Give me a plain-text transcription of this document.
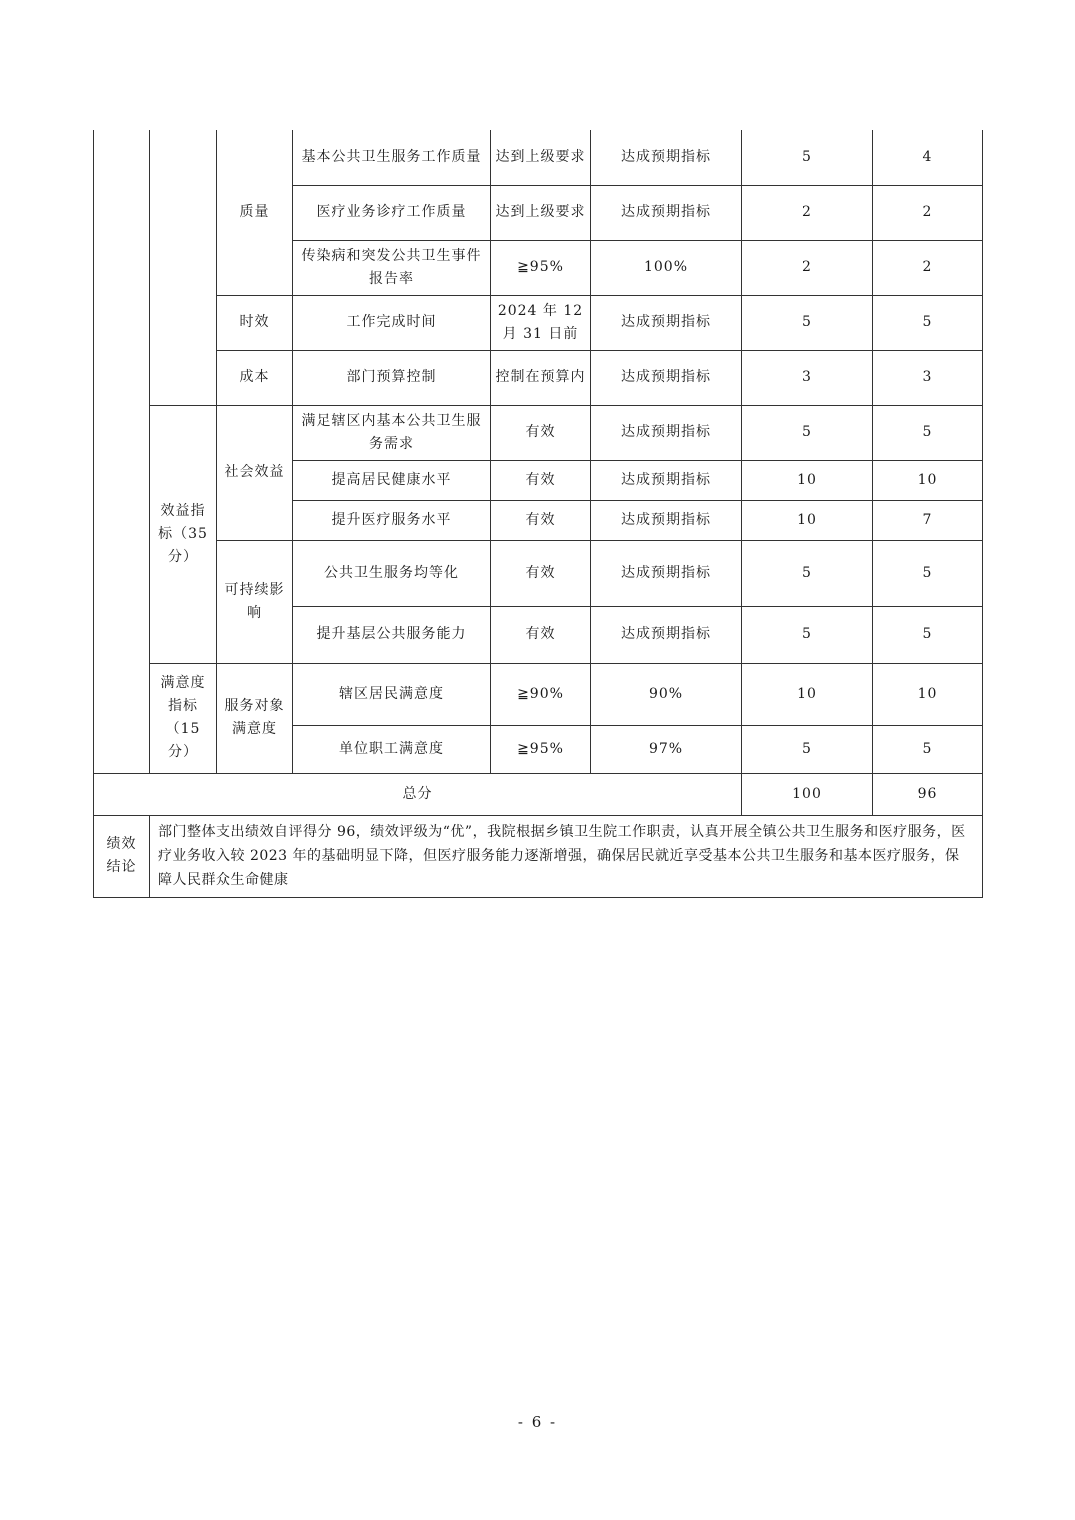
		质量	基本公共卫生服务工作质量	达到上级要求	达成预期指标	5	4
			医疗业务诊疗工作质量	达到上级要求	达成预期指标	2	2
			传染病和突发公共卫生事件报告率	≧95%	100%	2	2
		时效	工作完成时间	2024 年 12 月 31 日前	达成预期指标	5	5
		成本	部门预算控制	控制在预算内	达成预期指标	3	3
	效益指标（35 分）	社会效益	满足辖区内基本公共卫生服务需求	有效	达成预期指标	5	5
			提高居民健康水平	有效	达成预期指标	10	10
			提升医疗服务水平	有效	达成预期指标	10	7
		可持续影响	公共卫生服务均等化	有效	达成预期指标	5	5
			提升基层公共服务能力	有效	达成预期指标	5	5
	满意度 指标（15 分）	服务对象满意度	辖区居民满意度	≧90%	90%	10	10
			单位职工满意度	≧95%	97%	5	5
总分						100	96
绩效结论	部门整体支出绩效自评得分 96，绩效评级为“优”，我院根据乡镇卫生院工作职责，认真开展全镇公共卫生服务和医疗服务，医疗业务收入较 2023 年的基础明显下降，但医疗服务能力逐渐增强，确保居民就近享受基本公共卫生服务和基本医疗服务，保障人民群众生命健康						
- 6 -
